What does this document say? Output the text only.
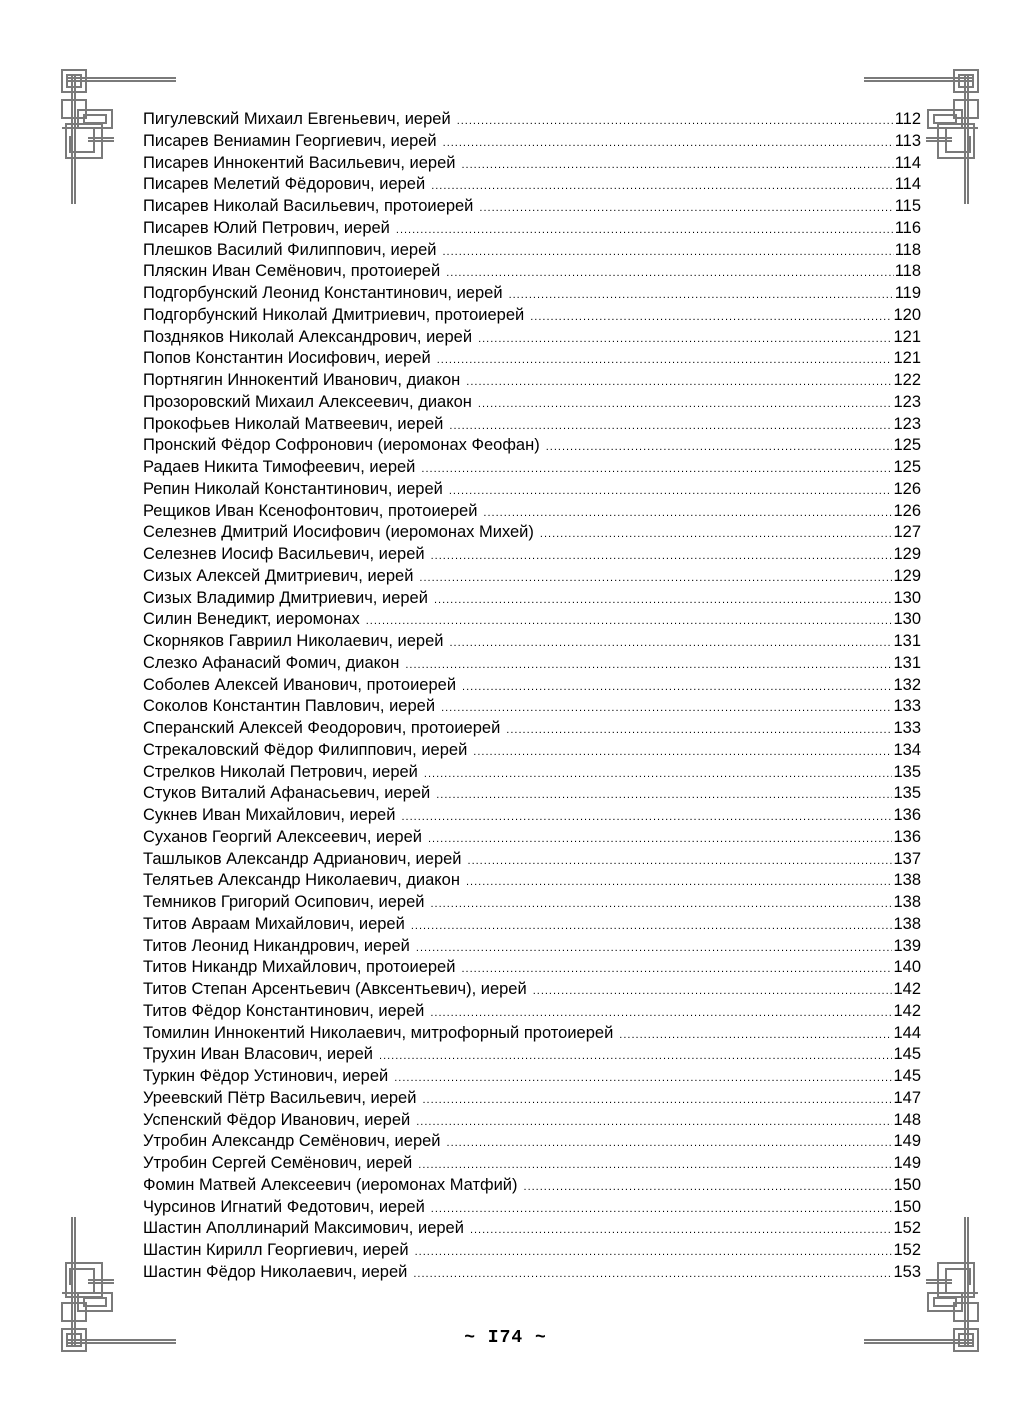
Пигулевский Михаил Евгеньевич, иерей .....	112
Писарев Вениамин Георгиевич, иерей .....	113
Писарев Иннокентий Васильевич, иерей .....	114
Писарев Мелетий Фёдорович, иерей .....	114
Писарев Николай Васильевич, протоиерей .....	115
Писарев Юлий Петрович, иерей .....	116
Плешков Василий Филиппович, иерей .....	118
Пляскин Иван Семёнович, протоиерей .....	118
Подгорбунский Леонид Константинович, иерей .....	119
Подгорбунский Николай Дмитриевич, протоиерей .....	120
Поздняков Николай Александрович, иерей .....	121
Попов Константин Иосифович, иерей .....	121
Портнягин Иннокентий Иванович, диакон .....	122
Прозоровский Михаил Алексеевич, диакон .....	123
Прокофьев Николай Матвеевич, иерей .....	123
Пронский Фёдор Софронович (иеромонах Феофан) .....	125
Радаев Никита Тимофеевич, иерей .....	125
Репин Николай Константинович, иерей .....	126
Рещиков Иван Ксенофонтович, протоиерей .....	126
Селезнев Дмитрий Иосифович (иеромонах Михей) .....	127
Селезнев Иосиф Васильевич, иерей .....	129
Сизых Алексей Дмитриевич, иерей .....	129
Сизых Владимир Дмитриевич, иерей .....	130
Силин Венедикт, иеромонах .....	130
Скорняков Гавриил Николаевич, иерей .....	131
Слезко Афанасий Фомич, диакон .....	131
Соболев Алексей Иванович, протоиерей .....	132
Соколов Константин Павлович, иерей .....	133
Сперанский Алексей Феодорович, протоиерей .....	133
Стрекаловский Фёдор Филиппович, иерей .....	134
Стрелков Николай Петрович, иерей .....	135
Стуков Виталий Афанасьевич, иерей .....	135
Сукнев Иван Михайлович, иерей .....	136
Суханов Георгий Алексеевич, иерей .....	136
Ташлыков Александр Адрианович, иерей .....	137
Телятьев Александр Николаевич, диакон .....	138
Темников Григорий Осипович, иерей .....	138
Титов Авраам Михайлович, иерей .....	138
Титов Леонид Никандрович, иерей .....	139
Титов Никандр Михайлович, протоиерей .....	140
Титов Степан Арсентьевич (Авксентьевич), иерей .....	142
Титов Фёдор Константинович, иерей .....	142
Томилин Иннокентий Николаевич, митрофорный протоиерей .....	144
Трухин Иван Власович, иерей .....	145
Туркин Фёдор Устинович, иерей .....	145
Уреевский Пётр Васильевич, иерей .....	147
Успенский Фёдор Иванович, иерей .....	148
Утробин Александр Семёнович, иерей .....	149
Утробин Сергей Семёнович, иерей .....	149
Фомин Матвей Алексеевич (иеромонах Матфий) .....	150
Чурсинов Игнатий Федотович, иерей .....	150
Шастин Аполлинарий Максимович, иерей .....	152
Шастин Кирилл Георгиевич, иерей .....	152
Шастин Фёдор Николаевич, иерей .....	153
~ I74 ~
